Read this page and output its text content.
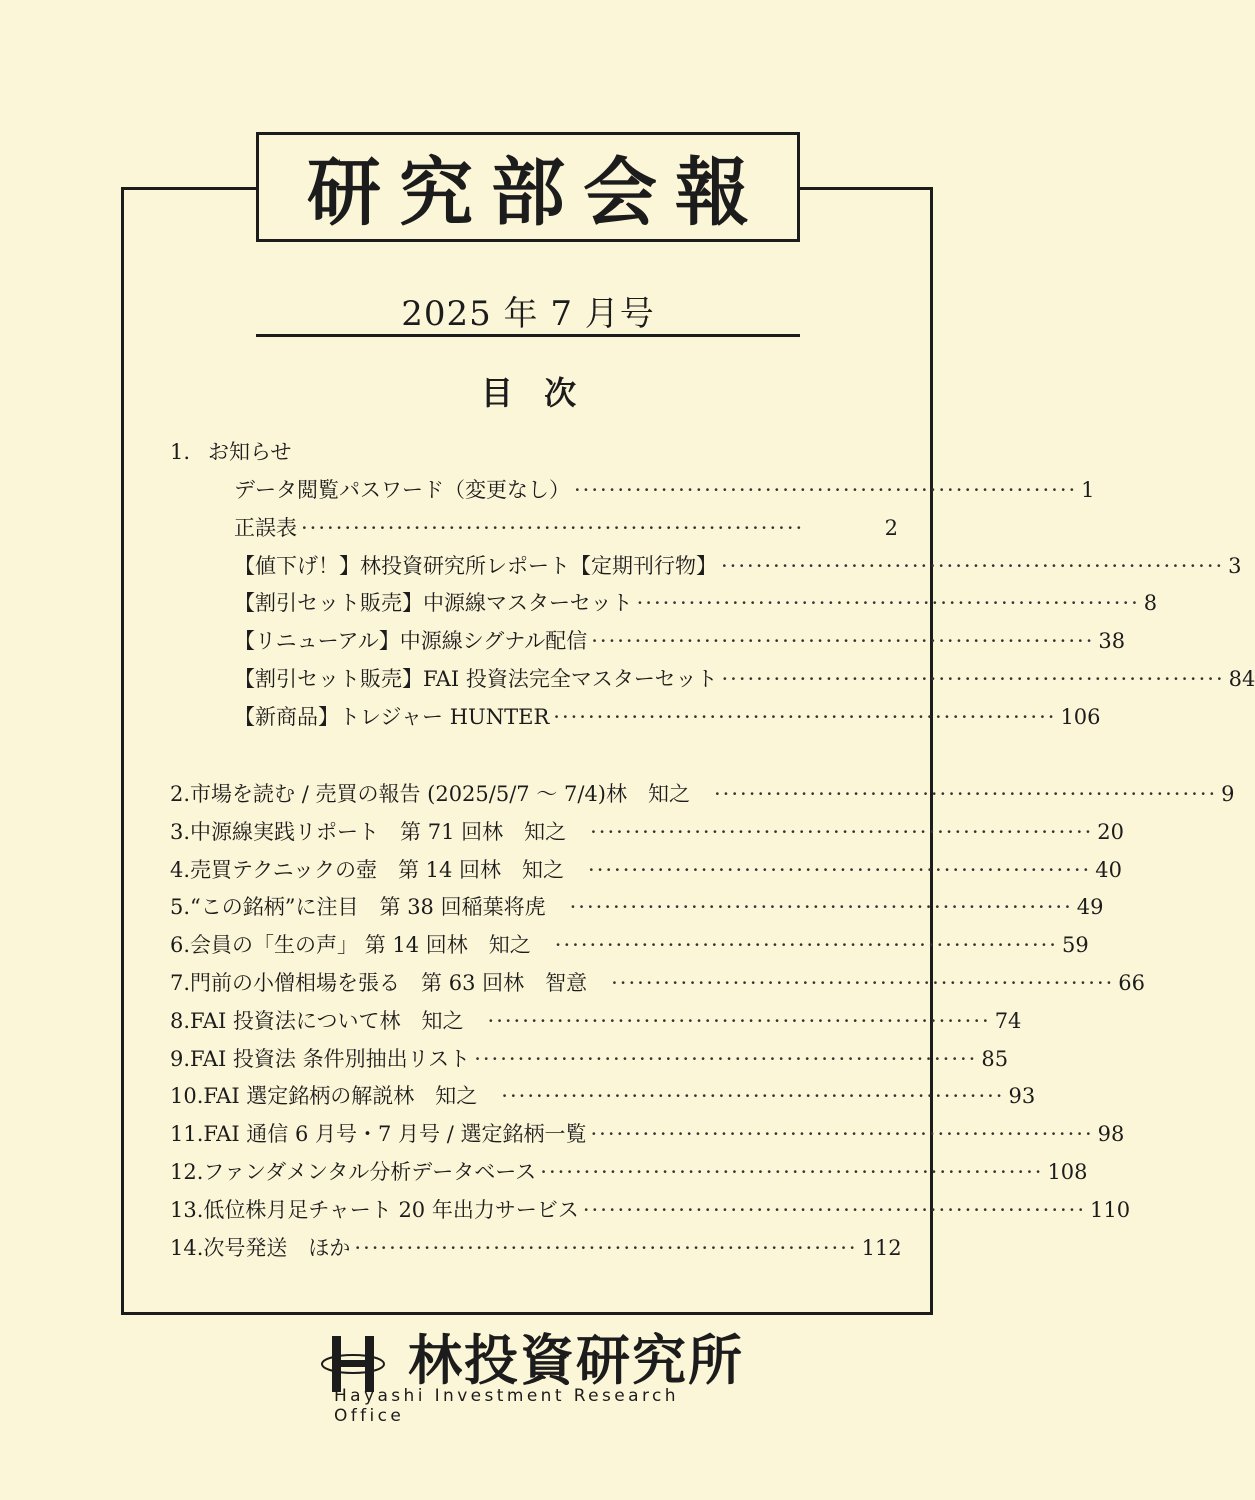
研究部会報
2025 年 7 月号
目 次
1. お知らせ
データ閲覧パスワード（変更なし） ·························································· 1
正誤表 ··························································	2
【値下げ！】林投資研究所レポート【定期刊行物】 ·························································· 3
【割引セット販売】中源線マスターセット ·························································· 8
【リニューアル】中源線シグナル配信 ·························································· 38
【割引セット販売】FAI 投資法完全マスターセット ·························································· 84
【新商品】トレジャー HUNTER ·························································· 106
2. 市場を読む / 売買の報告 (2025/5/7 ～ 7/4) 林　知之	·························································· 9
3. 中源線実践リポート　第 71 回 林　知之	·························································· 20
4. 売買テクニックの壺　第 14 回 林　知之	·························································· 40
5. “この銘柄”に注目　第 38 回 稲葉将虎	·························································· 49
6. 会員の「生の声」 第 14 回 林　知之	·························································· 59
7. 門前の小僧相場を張る　第 63 回 林　智意	·························································· 66
8. FAI 投資法について 林　知之	·························································· 74
9. FAI 投資法 条件別抽出リスト ·························································· 85
10. FAI 選定銘柄の解説 林　知之	·························································· 93
11. FAI 通信 6 月号・7 月号 / 選定銘柄一覧 ·························································· 98
12. ファンダメンタル分析データベース ·························································· 108
13. 低位株月足チャート 20 年出力サービス ·························································· 110
14. 次号発送　ほか ·························································· 112
林投資研究所
Hayashi Investment Research Office
